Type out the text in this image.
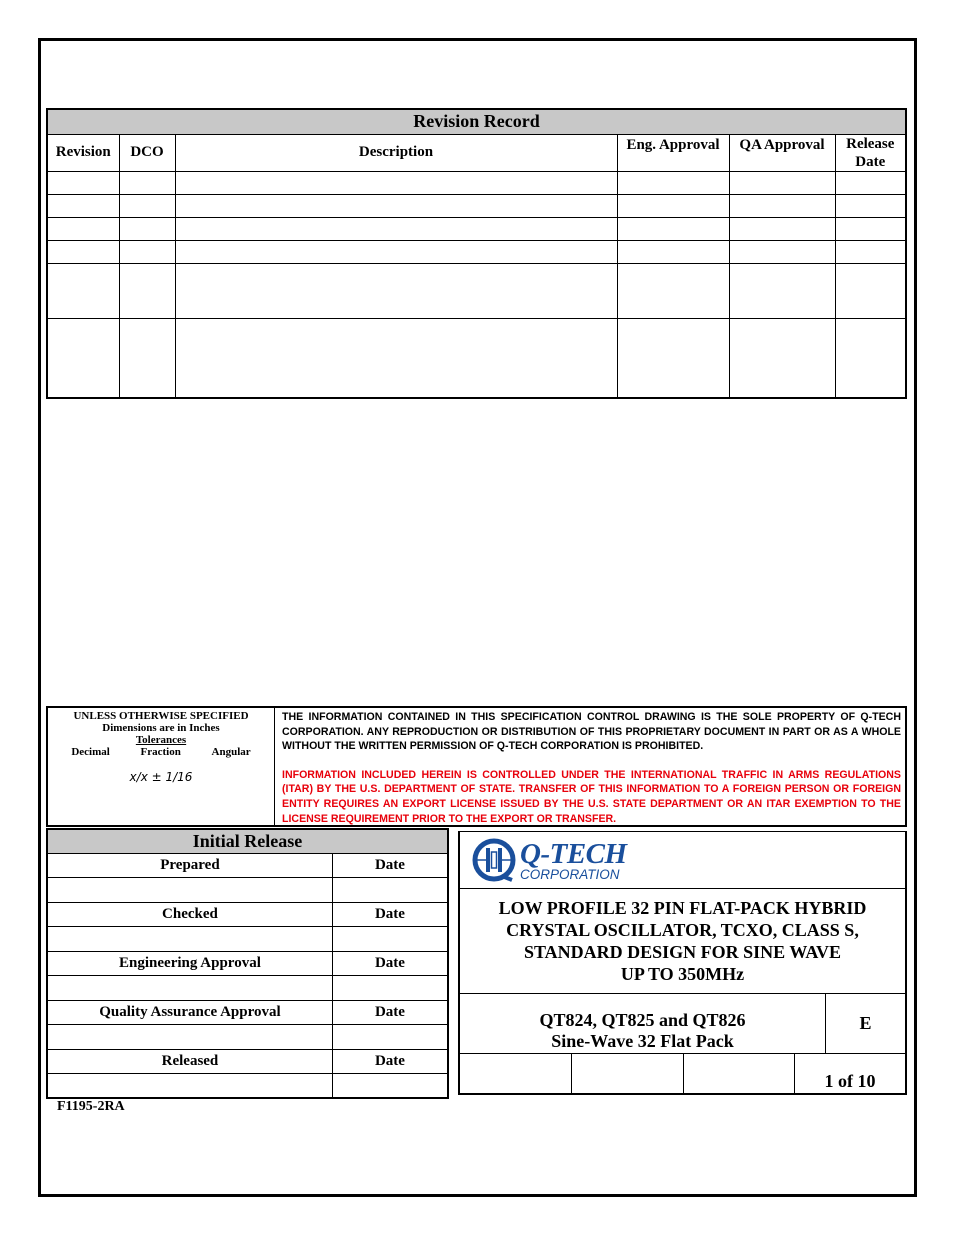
Revision Record					
Revision	DCO	Description	Eng. Approval	QA Approval	Release Date

UNLESS OTHERWISE SPECIFIED
Dimensions are in Inches
Tolerances
Decimal	Fraction	Angular
x/x ± 1/16
THE INFORMATION CONTAINED IN THIS SPECIFICATION CONTROL DRAWING IS THE SOLE PROPERTY OF Q-TECH CORPORATION. ANY REPRODUCTION OR DISTRIBUTION OF THIS PROPRIETARY DOCUMENT IN PART OR AS A WHOLE WITHOUT THE WRITTEN PERMISSION OF Q-TECH CORPORATION IS PROHIBITED.
INFORMATION INCLUDED HEREIN IS CONTROLLED UNDER THE INTERNATIONAL TRAFFIC IN ARMS REGULATIONS (ITAR) BY THE U.S. DEPARTMENT OF STATE. TRANSFER OF THIS INFORMATION TO A FOREIGN PERSON OR FOREIGN ENTITY REQUIRES AN EXPORT LICENSE ISSUED BY THE U.S. STATE DEPARTMENT OR AN ITAR EXEMPTION TO THE LICENSE REQUIREMENT PRIOR TO THE EXPORT OR TRANSFER.
Initial Release	
Prepared	Date

Checked	Date

Engineering Approval	Date

Quality Assurance Approval	Date

Released	Date

Q-TECH
CORPORATION
LOW PROFILE 32 PIN FLAT-PACK HYBRID
CRYSTAL OSCILLATOR, TCXO, CLASS S,
STANDARD DESIGN FOR SINE WAVE
UP TO 350MHz
QT824, QT825 and QT826
Sine-Wave 32 Flat Pack
E
1 of 10
F1195-2RA
